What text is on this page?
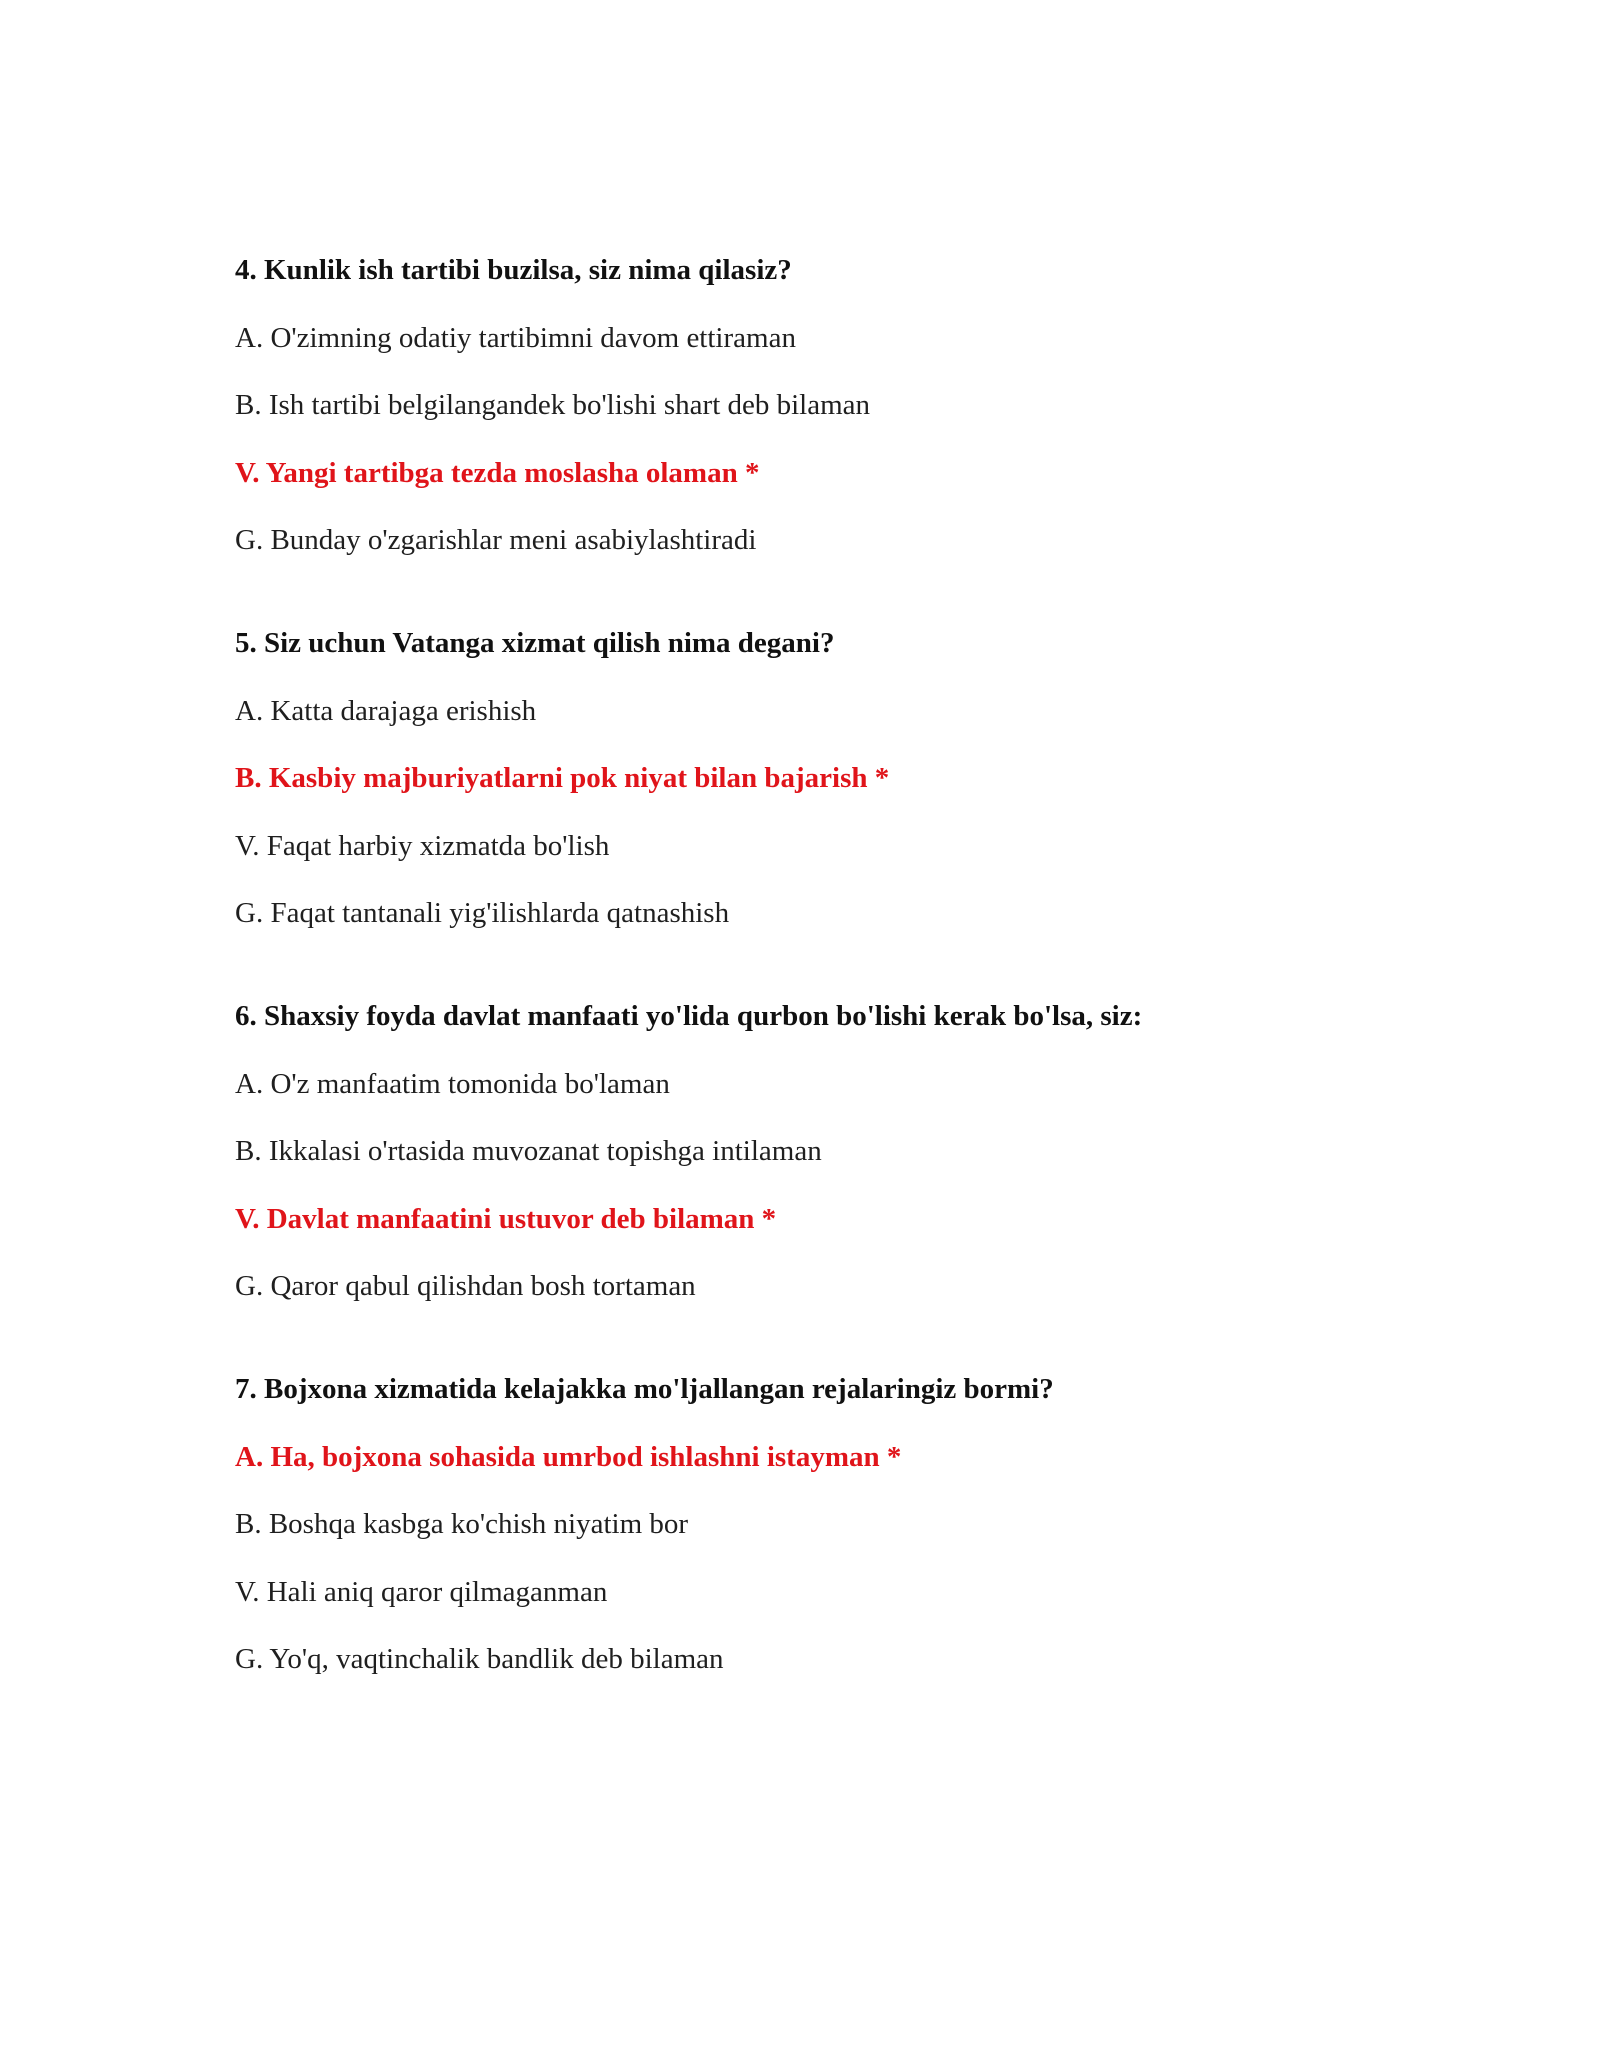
4. Kunlik ish tartibi buzilsa, siz nima qilasiz?
A. O'zimning odatiy tartibimni davom ettiraman
B. Ish tartibi belgilangandek bo'lishi shart deb bilaman
V. Yangi tartibga tezda moslasha olaman *
G. Bunday o'zgarishlar meni asabiylashtiradi
5. Siz uchun Vatanga xizmat qilish nima degani?
A. Katta darajaga erishish
B. Kasbiy majburiyatlarni pok niyat bilan bajarish *
V. Faqat harbiy xizmatda bo'lish
G. Faqat tantanali yig'ilishlarda qatnashish
6. Shaxsiy foyda davlat manfaati yo'lida qurbon bo'lishi kerak bo'lsa, siz:
A. O'z manfaatim tomonida bo'laman
B. Ikkalasi o'rtasida muvozanat topishga intilaman
V. Davlat manfaatini ustuvor deb bilaman *
G. Qaror qabul qilishdan bosh tortaman
7. Bojxona xizmatida kelajakka mo'ljallangan rejalaringiz bormi?
A. Ha, bojxona sohasida umrbod ishlashni istayman *
B. Boshqa kasbga ko'chish niyatim bor
V. Hali aniq qaror qilmaganman
G. Yo'q, vaqtinchalik bandlik deb bilaman
